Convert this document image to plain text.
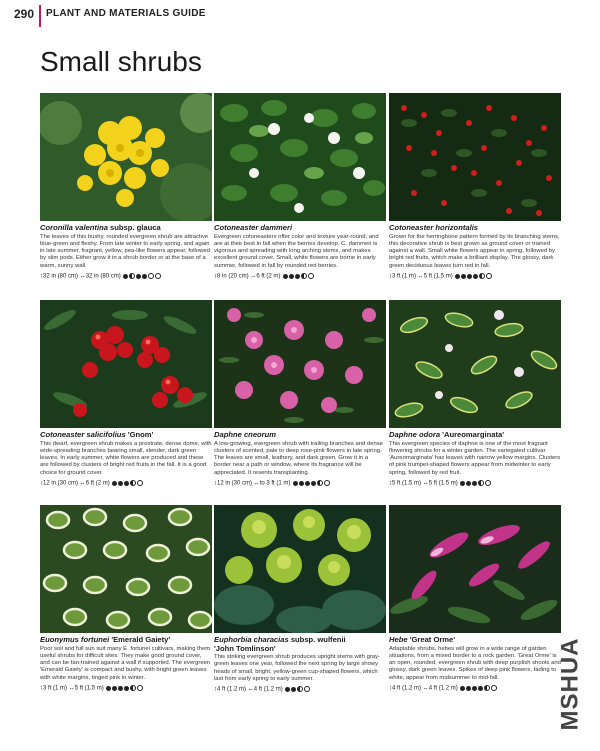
290 PLANT AND MATERIALS GUIDE
Small shrubs
Coronilla valentina subsp. glauca
The leaves of this bushy, rounded evergreen shrub are attractive blue-green and fleshy. From late winter to early spring, and again in late summer, fragrant, yellow, pea-like flowers appear, followed by slim pods. Either grow it in a shrub border or at the base of a warm, sunny wall.
↕32 in (80 cm) ↔32 in (80 cm)
Cotoneaster dammeri
Evergreen cotoneasters offer color and texture year-round, and are at their best in fall when the berries develop. C. dammeri is vigorous and spreading with long arching stems, and makes excellent ground cover. Small, white flowers are borne in early summer, followed in fall by rounded red berries.
↕8 in (20 cm) ↔6 ft (2 m)
Cotoneaster horizontalis
Grown for the herringbone pattern formed by its branching stems, this decorative shrub is best grown as ground cover or trained against a wall. Small white flowers appear in spring, followed by bright red fruits, which make a brilliant display. The glossy, dark green deciduous leaves turn red in fall.
↕3 ft (1 m) ↔5 ft (1.5 m)
Cotoneaster salicifolius 'Gnom'
This dwarf, evergreen shrub makes a prostrate, dense dome, with wide-spreading branches bearing small, slender, dark green leaves. In early summer, white flowers are produced and these are followed by clusters of bright red fruits in the fall. It is a good choice for ground cover.
↕12 in (30 cm) ↔6 ft (2 m)
Daphne cneorum
A low-growing, evergreen shrub with trailing branches and dense clusters of scented, pale to deep rose-pink flowers in late spring. The leaves are small, leathery, and dark green. Grow it in a border near a path or window, where its fragrance will be appreciated. It resents transplanting.
↕12 in (30 cm) ↔to 3 ft (1 m)
Daphne odora 'Aureomarginata'
This evergreen species of daphne is one of the most fragrant flowering shrubs for a winter garden. The variegated cultivar 'Aureomarginata' has leaves with narrow yellow margins. Clusters of pink trumpet-shaped flowers appear from midwinter to early spring, followed by red fruit.
↕5 ft (1.5 m) ↔5 ft (1.5 m)
Euonymus fortunei 'Emerald Gaiety'
Poor soil and full sun suit many E. fortunei cultivars, making them useful shrubs for difficult sites. They make good ground cover, and can be fan-trained against a wall if supported. The evergreen 'Emerald Gaiety' is compact and bushy, with bright green leaves with white margins, tinged pink in winter.
↕3 ft (1 m) ↔5 ft (1.5 m)
Euphorbia characias subsp. wulfenii
'John Tomlinson'
This striking evergreen shrub produces upright stems with gray-green leaves one year, followed the next spring by large showy heads of small, bright, yellow-green cup-shaped flowers, which last from early spring to early summer.
↕4 ft (1.2 m) ↔4 ft (1.2 m)
Hebe 'Great Orme'
Adaptable shrubs, hebes will grow in a wide range of garden situations, from a mixed border to a rock garden. 'Great Orme' is an open, rounded, evergreen shrub with deep purplish shoots and glossy, dark green leaves. Spikes of deep pink flowers, fading to white, appear from midsummer to mid-fall.
↕4 ft (1.2 m) ↔4 ft (1.2 m)	MSHUA
